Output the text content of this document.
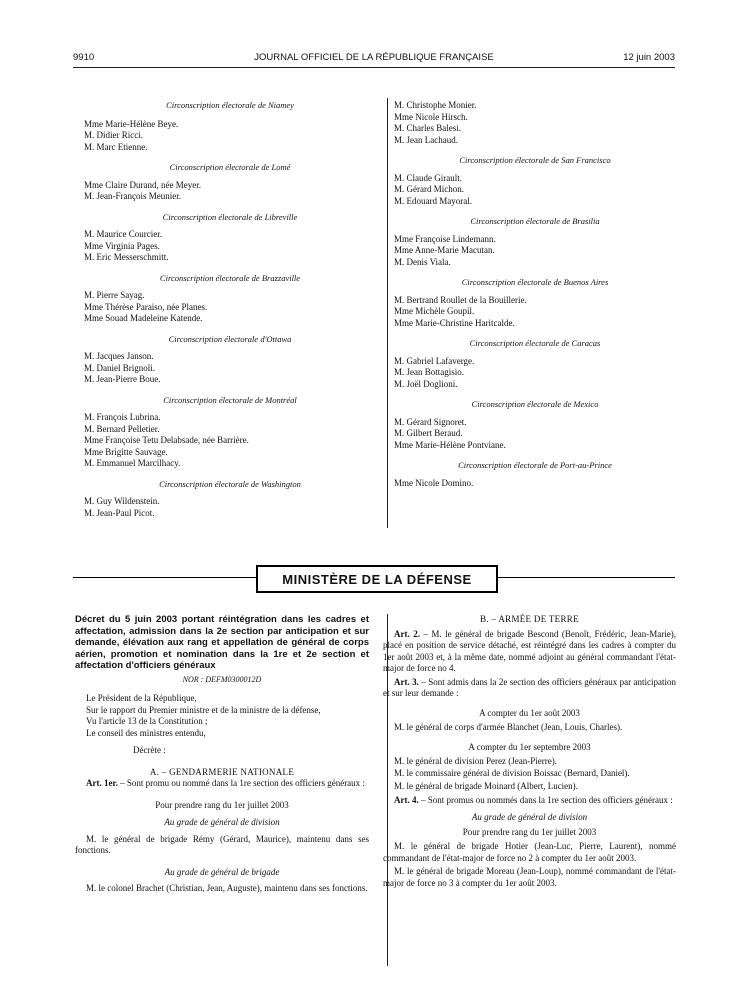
9910	JOURNAL OFFICIEL DE LA RÉPUBLIQUE FRANÇAISE	12 juin 2003

Circonscription électorale de Niamey

Mme Marie-Hélène Beye.

M. Didier Ricci.

M. Marc Etienne.

Circonscription électorale de Lomé

Mme Claire Durand, née Meyer.

M. Jean-François Meunier.

Circonscription électorale de Libreville

M. Maurice Courcier.

Mme Virginia Pages.

M. Eric Messerschmitt.

Circonscription électorale de Brazzaville

M. Pierre Sayag.

Mme Thérèse Paraiso, née Planes.

Mme Souad Madeleine Katende.

Circonscription électorale d'Ottawa

M. Jacques Janson.

M. Daniel Brignoli.

M. Jean-Pierre Boue.

Circonscription électorale de Montréal

M. François Lubrina.

M. Bernard Pelletier.

Mme Françoise Tetu Delabsade, née Barrière.

Mme Brigitte Sauvage.

M. Emmanuel Marcilhacy.

Circonscription électorale de Washington

M. Guy Wildenstein.

M. Jean-Paul Picot.

M. Christophe Monier.

Mme Nicole Hirsch.

M. Charles Balesi.

M. Jean Lachaud.

Circonscription électorale de San Francisco

M. Claude Girault.

M. Gérard Michon.

M. Edouard Mayoral.

Circonscription électorale de Brasilia

Mme Françoise Lindemann.

Mme Anne-Marie Macutan.

M. Denis Viala.

Circonscription électorale de Buenos Aires

M. Bertrand Roullet de la Bouillerie.

Mme Michèle Goupil.

Mme Marie-Christine Haritcalde.

Circonscription électorale de Caracas

M. Gabriel Lafaverge.

M. Jean Bottagisio.

M. Joël Doglioni.

Circonscription électorale de Mexico

M. Gérard Signoret.

M. Gilbert Beraud.

Mme Marie-Hélène Pontviane.

Circonscription électorale de Port-au-Prince

Mme Nicole Domino.

MINISTÈRE DE LA DÉFENSE

Décret du 5 juin 2003 portant réintégration dans les cadres et affectation, admission dans la 2e section par anticipation et sur demande, élévation aux rang et appellation de général de corps aérien, promotion et nomination dans la 1re et 2e section et affectation d'officiers généraux

NOR : DEFM0300012D

Le Président de la République,

Sur le rapport du Premier ministre et de la ministre de la défense,

Vu l'article 13 de la Constitution ;

Le conseil des ministres entendu,

Décrète :

A. – GENDARMERIE NATIONALE

Art. 1er. – Sont promu ou nommé dans la 1re section des officiers généraux :

Pour prendre rang du 1er juillet 2003

Au grade de général de division

M. le général de brigade Rémy (Gérard, Maurice), maintenu dans ses fonctions.

Au grade de général de brigade

M. le colonel Brachet (Christian, Jean, Auguste), maintenu dans ses fonctions.

B. – ARMÉE DE TERRE

Art. 2. – M. le général de brigade Bescond (Benoît, Frédéric, Jean-Marie), placé en position de service détaché, est réintégré dans les cadres à compter du 1er août 2003 et, à la même date, nommé adjoint au général commandant l'état-major de force no 4.

Art. 3. – Sont admis dans la 2e section des officiers généraux par anticipation et sur leur demande :

A compter du 1er août 2003

M. le général de corps d'armée Blanchet (Jean, Louis, Charles).

A compter du 1er septembre 2003

M. le général de division Perez (Jean-Pierre).

M. le commissaire général de division Boissac (Bernard, Daniel).

M. le général de brigade Moinard (Albert, Lucien).

Art. 4. – Sont promus ou nommés dans la 1re section des officiers généraux :

Au grade de général de division

Pour prendre rang du 1er juillet 2003

M. le général de brigade Hotier (Jean-Luc, Pierre, Laurent), nommé commandant de l'état-major de force no 2 à compter du 1er août 2003.

M. le général de brigade Moreau (Jean-Loup), nommé commandant de l'état-major de force no 3 à compter du 1er août 2003.
